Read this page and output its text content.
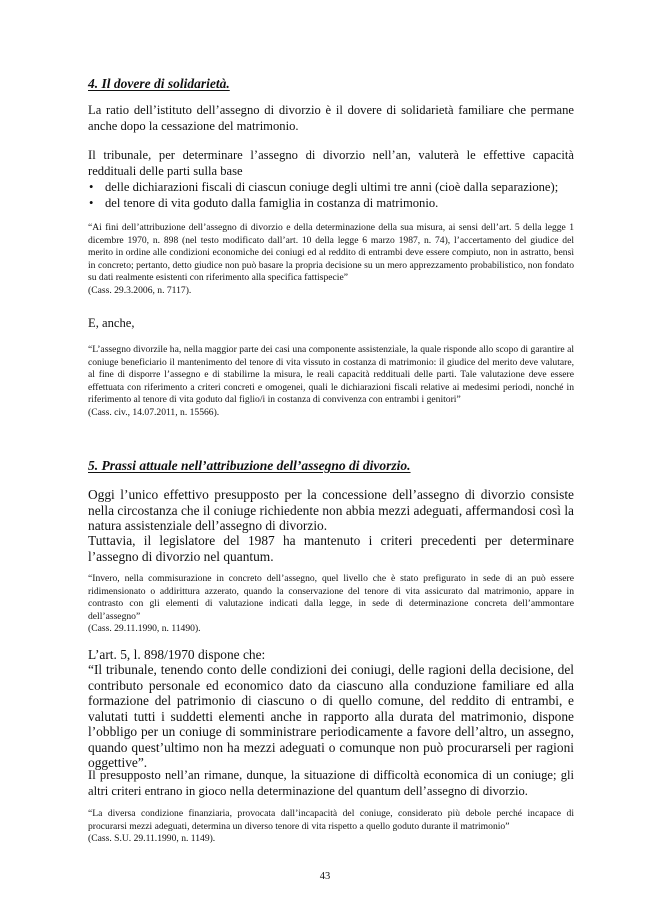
4. Il dovere di solidarietà.

La ratio dell’istituto dell’assegno di divorzio è il dovere di solidarietà familiare che permane anche dopo la cessazione del matrimonio.

Il tribunale, per determinare l’assegno di divorzio nell’an, valuterà le effettive capacità reddituali delle parti sulla base

• delle dichiarazioni fiscali di ciascun coniuge degli ultimi tre anni (cioè dalla separazione);
• del tenore di vita goduto dalla famiglia in costanza di matrimonio.
“Ai fini dell’attribuzione dell’assegno di divorzio e della determinazione della sua misura, ai sensi dell’art. 5 della legge 1 dicembre 1970, n. 898 (nel testo modificato dall’art. 10 della legge 6 marzo 1987, n. 74), l’accertamento del giudice del merito in ordine alle condizioni economiche dei coniugi ed al reddito di entrambi deve essere compiuto, non in astratto, bensì in concreto; pertanto, detto giudice non può basare la propria decisione su un mero apprezzamento probabilistico, non fondato su dati realmente esistenti con riferimento alla specifica fattispecie”
(Cass. 29.3.2006, n. 7117).

E, anche,

“L’assegno divorzile ha, nella maggior parte dei casi una componente assistenziale, la quale risponde allo scopo di garantire al coniuge beneficiario il mantenimento del tenore di vita vissuto in costanza di matrimonio: il giudice del merito deve valutare, al fine di disporre l’assegno e di stabilirne la misura, le reali capacità reddituali delle parti. Tale valutazione deve essere effettuata con riferimento a criteri concreti e omogenei, quali le dichiarazioni fiscali relative ai medesimi periodi, nonché in riferimento al tenore di vita goduto dal figlio/i in costanza di convivenza con entrambi i genitori”
(Cass. civ., 14.07.2011, n. 15566).
5. Prassi attuale nell’attribuzione dell’assegno di divorzio.

Oggi l’unico effettivo presupposto per la concessione dell’assegno di divorzio consiste nella circostanza che il coniuge richiedente non abbia mezzi adeguati, affermandosi così la natura assistenziale dell’assegno di divorzio.

Tuttavia, il legislatore del 1987 ha mantenuto i criteri precedenti per determinare l’assegno di divorzio nel quantum.

“Invero, nella commisurazione in concreto dell’assegno, quel livello che è stato prefigurato in sede di an può essere ridimensionato o addirittura azzerato, quando la conservazione del tenore di vita assicurato dal matrimonio, appare in contrasto con gli elementi di valutazione indicati dalla legge, in sede di determinazione concreta dell’ammontare dell’assegno”
(Cass. 29.11.1990, n. 11490).

L’art. 5, l. 898/1970 dispone che:

“Il tribunale, tenendo conto delle condizioni dei coniugi, delle ragioni della decisione, del contributo personale ed economico dato da ciascuno alla conduzione familiare ed alla formazione del patrimonio di ciascuno o di quello comune, del reddito di entrambi, e valutati tutti i suddetti elementi anche in rapporto alla durata del matrimonio, dispone l’obbligo per un coniuge di somministrare periodicamente a favore dell’altro, un assegno, quando quest’ultimo non ha mezzi adeguati o comunque non può procurarseli per ragioni oggettive”.

Il presupposto nell’an rimane, dunque, la situazione di difficoltà economica di un coniuge; gli altri criteri entrano in gioco nella determinazione del quantum dell’assegno di divorzio.

“La diversa condizione finanziaria, provocata dall’incapacità del coniuge, considerato più debole perché incapace di procurarsi mezzi adeguati, determina un diverso tenore di vita rispetto a quello goduto durante il matrimonio”
(Cass. S.U. 29.11.1990, n. 1149).
43
